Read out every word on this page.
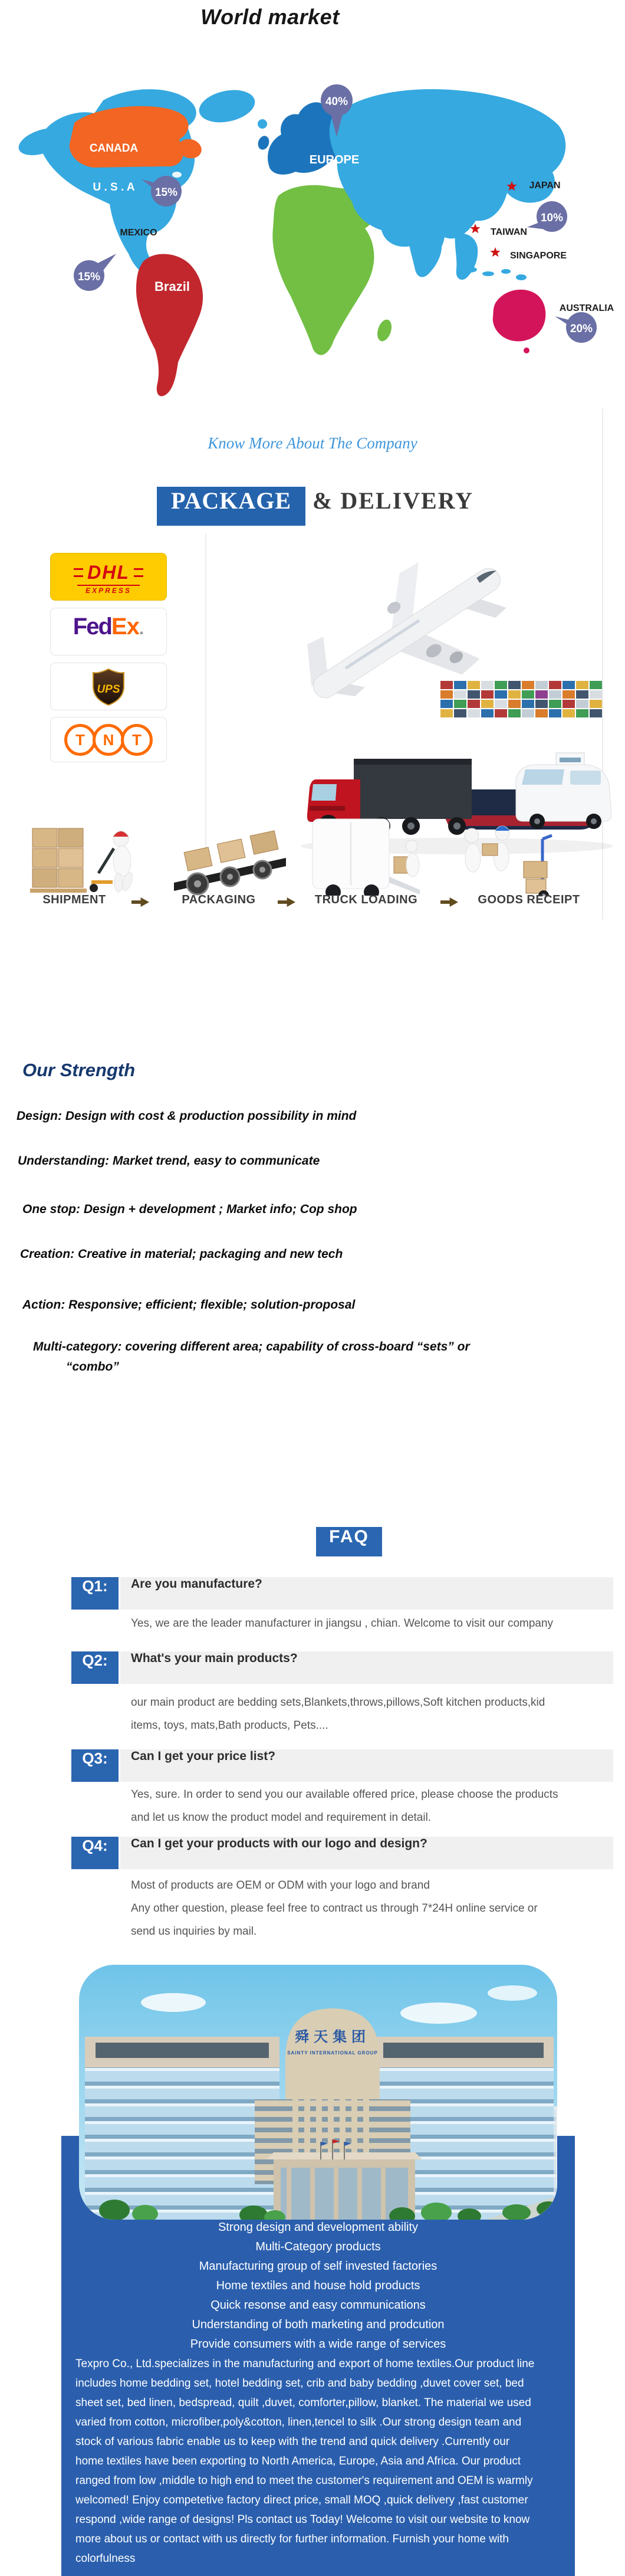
World market
40%
15%
15%
10%
20%
CANADA
U . S . A
EUROPE
Brazil
MEXICO
JAPAN
TAIWAN
SINGAPORE
AUSTRALIA
Know More About The Company
PACKAGE & DELIVERY
DHL
EXPRESS
FedEx.
UPS
T	N	T
SHIPMENT	PACKAGING	TRUCK LOADING	GOODS RECEIPT
Our Strength
Design: Design with cost & production possibility in mind
Understanding: Market trend, easy to communicate
One stop: Design + development ; Market info; Cop shop
Creation: Creative in material; packaging and new tech
Action: Responsive; efficient; flexible; solution-proposal
Multi-category: covering different area; capability of cross-board “sets” or
“combo”
FAQ
Are you manufacture?
Q1:
Yes, we are the leader manufacturer in jiangsu , chian. Welcome to visit our company
What's your main products?
Q2:
our main product are bedding sets,Blankets,throws,pillows,Soft kitchen products,kid
items, toys, mats,Bath products, Pets....
Can I get your price list?
Q3:
Yes, sure. In order to send you our available offered price, please choose the products
and let us know the product model and requirement in detail.
Can I get your products with our logo and design?
Q4:
Most of products are OEM or ODM with your logo and brand
Any other question, please feel free to contract us through 7*24H online service or
send us inquiries by mail.
Strong design and development ability
Multi-Category products
Manufacturing group of self invested factories
Home textiles and house hold products
Quick resonse and easy communications
Understanding of both marketing and prodcution
Provide consumers with a wide range of services
Texpro Co., Ltd.specializes in the manufacturing and export of home textiles.Our product line
includes home bedding set, hotel bedding set, crib and baby bedding ,duvet cover set, bed
sheet set, bed linen, bedspread, quilt ,duvet, comforter,pillow, blanket. The material we used
varied from cotton, microfiber,poly&cotton, linen,tencel to silk .Our strong design team and
stock of various fabric enable us to keep with the trend and quick delivery .Currently our
home textiles have been exporting to North America, Europe, Asia and Africa. Our product
ranged from low ,middle to high end to meet the customer's requirement and OEM is warmly
welcomed! Enjoy competetive factory direct price, small MOQ ,quick delivery ,fast customer
respond ,wide range of designs! Pls contact us Today! Welcome to visit our website to know
more about us or contact with us directly for further information. Furnish your home with
colorfulness
舜天集团
SAINTY INTERNATIONAL GROUP
